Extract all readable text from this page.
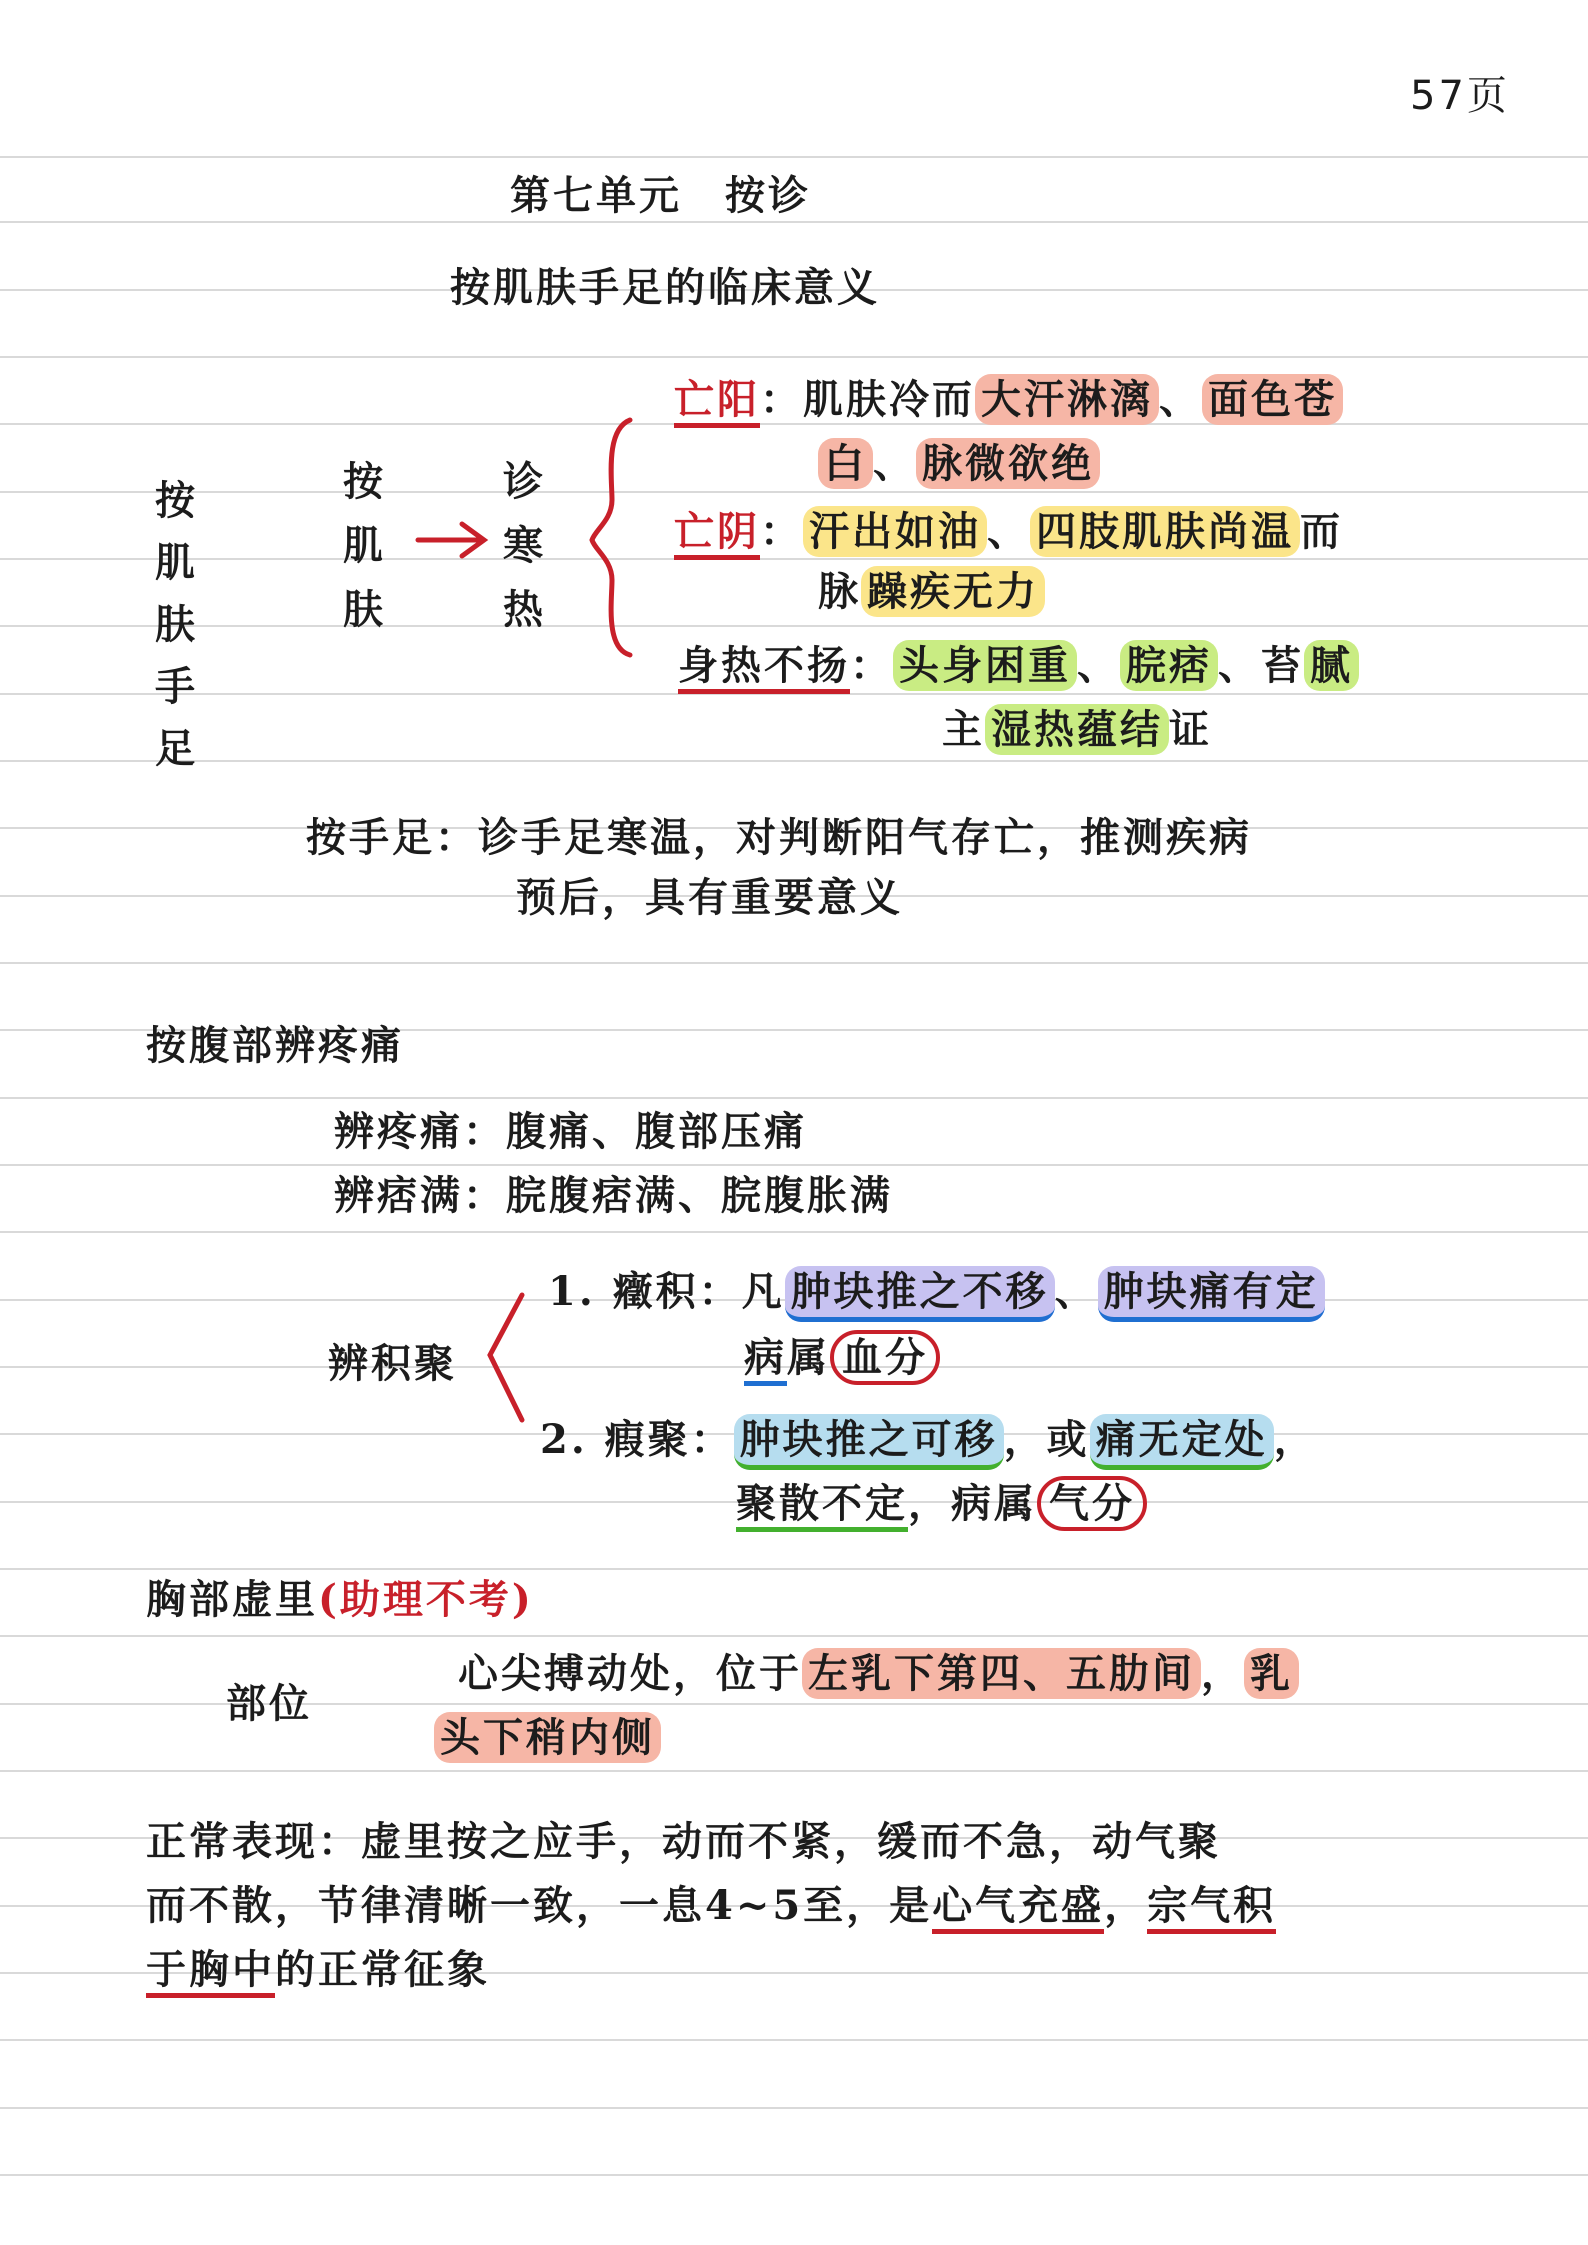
57页
第七单元　按诊
按肌肤手足的临床意义
按
肌
肤
手
足
按
肌
肤
诊
寒
热
亡阳：肌肤冷而 大汗淋漓 、 面色苍
白 、 脉微欲绝
亡阴： 汗出如油 、 四肢肌肤尚温 而
脉 躁疾无力
身热不扬： 头身困重 、 脘痞 、苔 腻
主 湿热蕴结 证
按手足：诊手足寒温，对判断阳气存亡，推测疾病
预后，具有重要意义
按腹部辨疼痛
辨疼痛：腹痛、腹部压痛
辨痞满：脘腹痞满、脘腹胀满
辨积聚
1. 癥积：凡 肿块推之不移 、 肿块痛有定
病属 血分
2. 瘕聚： 肿块推之可移 ，或 痛无定处 ，
聚散不定，病属 气分
胸部虚里(助理不考)
部位
心尖搏动处，位于 左乳下第四、五肋间 ， 乳
头下稍内侧
正常表现：虚里按之应手，动而不紧，缓而不急，动气聚
而不散，节律清晰一致，一息4~5至，是心气充盛，宗气积
于胸中的正常征象
